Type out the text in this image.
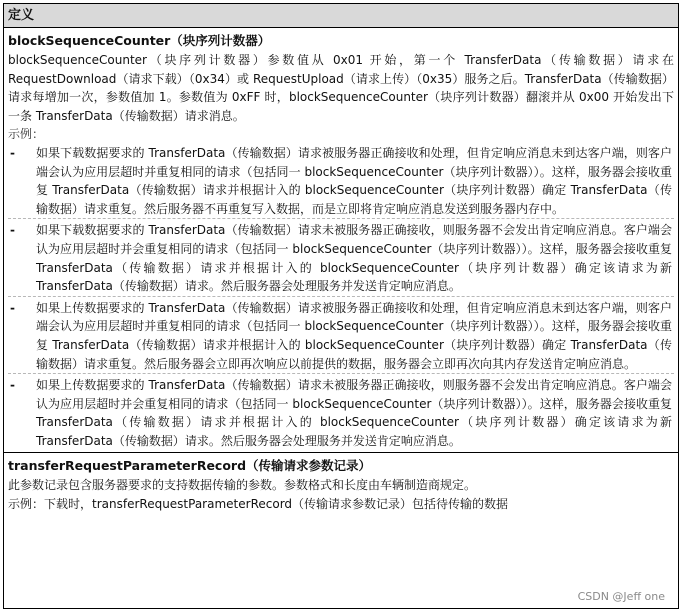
定义
blockSequenceCounter（块序列计数器）
blockSequenceCounter（块序列计数器）参数值从 0x01 开始，第一个 TransferData（传输数据）请求在 RequestDownload（请求下载）（0x34）或 RequestUpload（请求上传）（0x35）服务之后。TransferData（传输数据）请求每增加一次，参数值加 1。参数值为 0xFF 时，blockSequenceCounter（块序列计数器）翻滚并从 0x00 开始发出下一条 TransferData（传输数据）请求消息。
示例：
- 如果下载数据要求的 TransferData（传输数据）请求被服务器正确接收和处理，但肯定响应消息未到达客户端，则客户端会认为应用层超时并重复相同的请求（包括同一 blockSequenceCounter（块序列计数器））。这样，服务器会接收重复 TransferData（传输数据）请求并根据计入的 blockSequenceCounter（块序列计数器）确定 TransferData（传输数据）请求重复。然后服务器不再重复写入数据，而是立即将肯定响应消息发送到服务器内存中。
- 如果下载数据要求的 TransferData（传输数据）请求未被服务器正确接收，则服务器不会发出肯定响应消息。客户端会认为应用层超时并会重复相同的请求（包括同一 blockSequenceCounter（块序列计数器））。这样，服务器会接收重复 TransferData（传输数据）请求并根据计入的 blockSequenceCounter（块序列计数器）确定该请求为新 TransferData（传输数据）请求。然后服务器会处理服务并发送肯定响应消息。
- 如果上传数据要求的 TransferData（传输数据）请求被服务器正确接收和处理，但肯定响应消息未到达客户端，则客户端会认为应用层超时并重复相同的请求（包括同一 blockSequenceCounter（块序列计数器））。这样，服务器会接收重复 TransferData（传输数据）请求并根据计入的 blockSequenceCounter（块序列计数器）确定 TransferData（传输数据）请求重复。然后服务器会立即再次响应以前提供的数据，服务器会立即再次向其内存发送肯定响应消息。
- 如果上传数据要求的 TransferData（传输数据）请求未被服务器正确接收，则服务器不会发出肯定响应消息。客户端会认为应用层超时并会重复相同的请求（包括同一 blockSequenceCounter（块序列计数器））。这样，服务器会接收重复 TransferData（传输数据）请求并根据计入的 blockSequenceCounter（块序列计数器）确定该请求为新 TransferData（传输数据）请求。然后服务器会处理服务并发送肯定响应消息。
transferRequestParameterRecord（传输请求参数记录）
此参数记录包含服务器要求的支持数据传输的参数。参数格式和长度由车辆制造商规定。
示例：下载时，transferRequestParameterRecord（传输请求参数记录）包括待传输的数据
CSDN @Jeff one
